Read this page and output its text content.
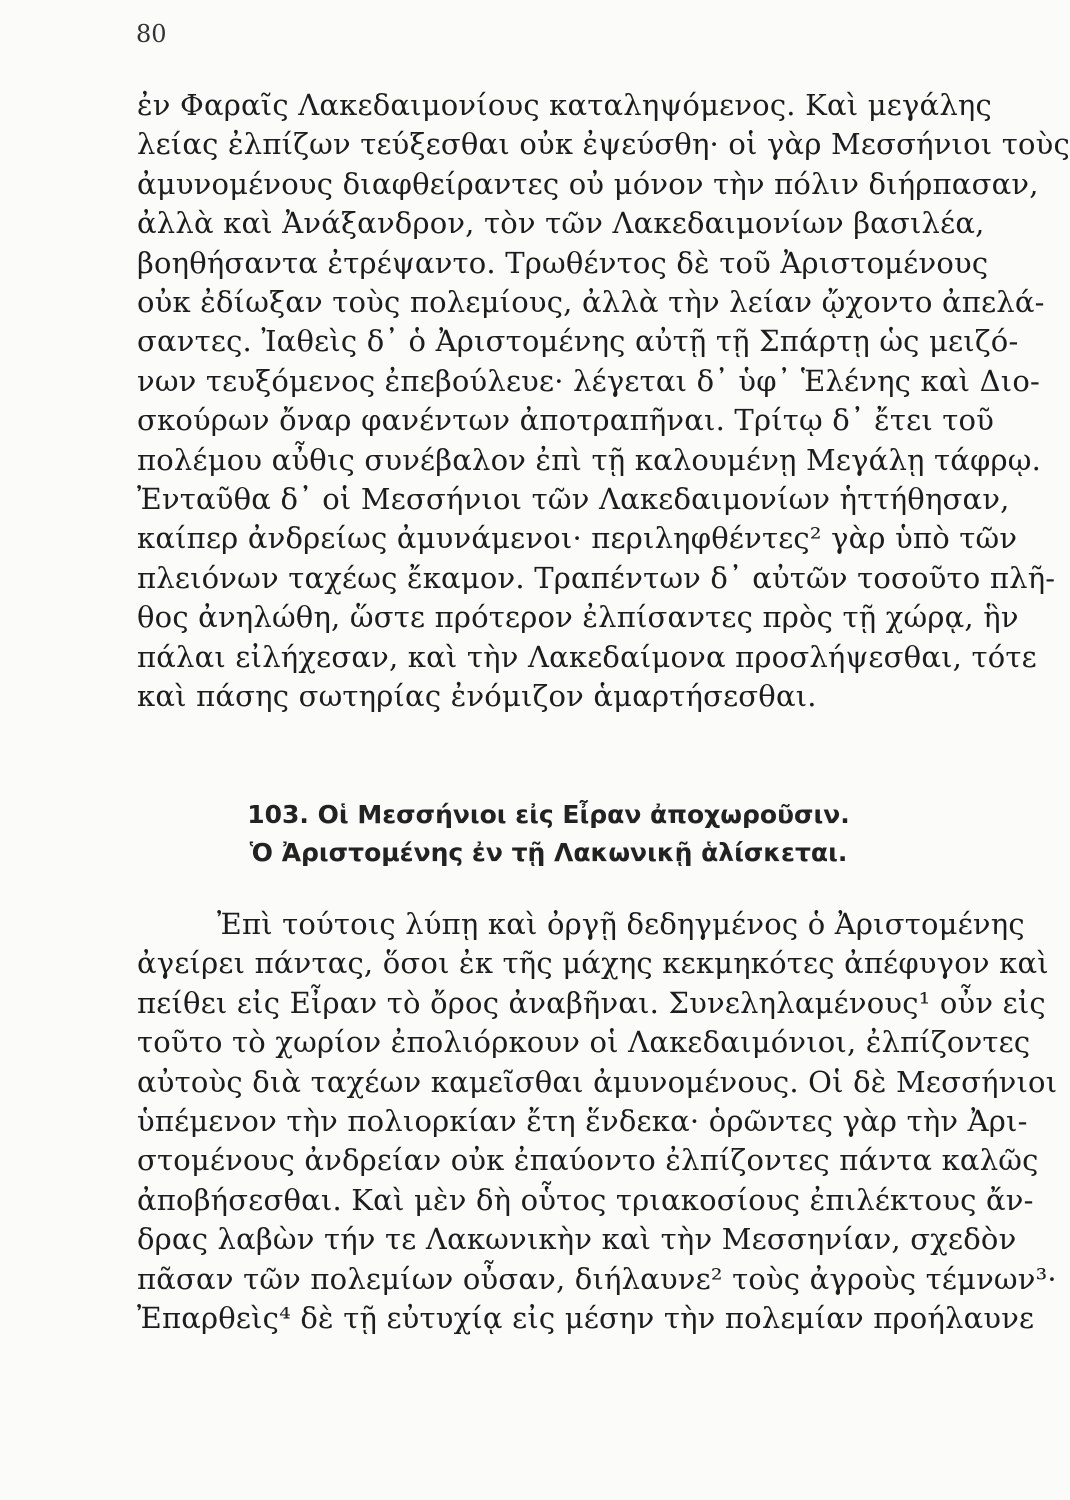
80
ἐν Φαραῖς Λακεδαιμονίους καταληψόμενος. Καὶ μεγάλης
λείας ἐλπίζων τεύξεσθαι οὐκ ἐψεύσθη· οἱ γὰρ Μεσσήνιοι τοὺς
ἀμυνομένους διαφθείραντες οὐ μόνον τὴν πόλιν διήρπασαν,
ἀλλὰ καὶ Ἀνάξανδρον, τὸν τῶν Λακεδαιμονίων βασιλέα,
βοηθήσαντα ἐτρέψαντο. Τρωθέντος δὲ τοῦ Ἀριστομένους
οὐκ ἐδίωξαν τοὺς πολεμίους, ἀλλὰ τὴν λείαν ᾤχοντο ἀπελά-
σαντες. Ἰαθεὶς δ᾽ ὁ Ἀριστομένης αὐτῇ τῇ Σπάρτῃ ὡς μειζό-
νων τευξόμενος ἐπεβούλευε· λέγεται δ᾽ ὑφ᾽ Ἑλένης καὶ Διο-
σκούρων ὄναρ φανέντων ἀποτραπῆναι. Τρίτῳ δ᾽ ἔτει τοῦ
πολέμου αὖθις συνέβαλον ἐπὶ τῇ καλουμένῃ Μεγάλῃ τάφρῳ.
Ἐνταῦθα δ᾽ οἱ Μεσσήνιοι τῶν Λακεδαιμονίων ἡττήθησαν,
καίπερ ἀνδρείως ἀμυνάμενοι· περιληφθέντες² γὰρ ὑπὸ τῶν
πλειόνων ταχέως ἔκαμον. Τραπέντων δ᾽ αὐτῶν τοσοῦτο πλῆ-
θος ἀνηλώθη, ὥστε πρότερον ἐλπίσαντες πρὸς τῇ χώρᾳ, ἣν
πάλαι εἰλήχεσαν, καὶ τὴν Λακεδαίμονα προσλήψεσθαι, τότε
καὶ πάσης σωτηρίας ἐνόμιζον ἁμαρτήσεσθαι.
103. Οἱ Μεσσήνιοι εἰς Εἶραν ἀποχωροῦσιν.
Ὁ Ἀριστομένης ἐν τῇ Λακωνικῇ ἁλίσκεται.
Ἐπὶ τούτοις λύπῃ καὶ ὀργῇ δεδηγμένος ὁ Ἀριστομένης
ἀγείρει πάντας, ὅσοι ἐκ τῆς μάχης κεκμηκότες ἀπέφυγον καὶ
πείθει εἰς Εἶραν τὸ ὄρος ἀναβῆναι. Συνεληλαμένους¹ οὖν εἰς
τοῦτο τὸ χωρίον ἐπολιόρκουν οἱ Λακεδαιμόνιοι, ἐλπίζοντες
αὐτοὺς διὰ ταχέων καμεῖσθαι ἀμυνομένους. Οἱ δὲ Μεσσήνιοι
ὑπέμενον τὴν πολιορκίαν ἔτη ἕνδεκα· ὁρῶντες γὰρ τὴν Ἀρι-
στομένους ἀνδρείαν οὐκ ἐπαύοντο ἐλπίζοντες πάντα καλῶς
ἀποβήσεσθαι. Καὶ μὲν δὴ οὗτος τριακοσίους ἐπιλέκτους ἄν-
δρας λαβὼν τήν τε Λακωνικὴν καὶ τὴν Μεσσηνίαν, σχεδὸν
πᾶσαν τῶν πολεμίων οὖσαν, διήλαυνε² τοὺς ἀγροὺς τέμνων³·
Ἐπαρθεὶς⁴ δὲ τῇ εὐτυχίᾳ εἰς μέσην τὴν πολεμίαν προήλαυνε
